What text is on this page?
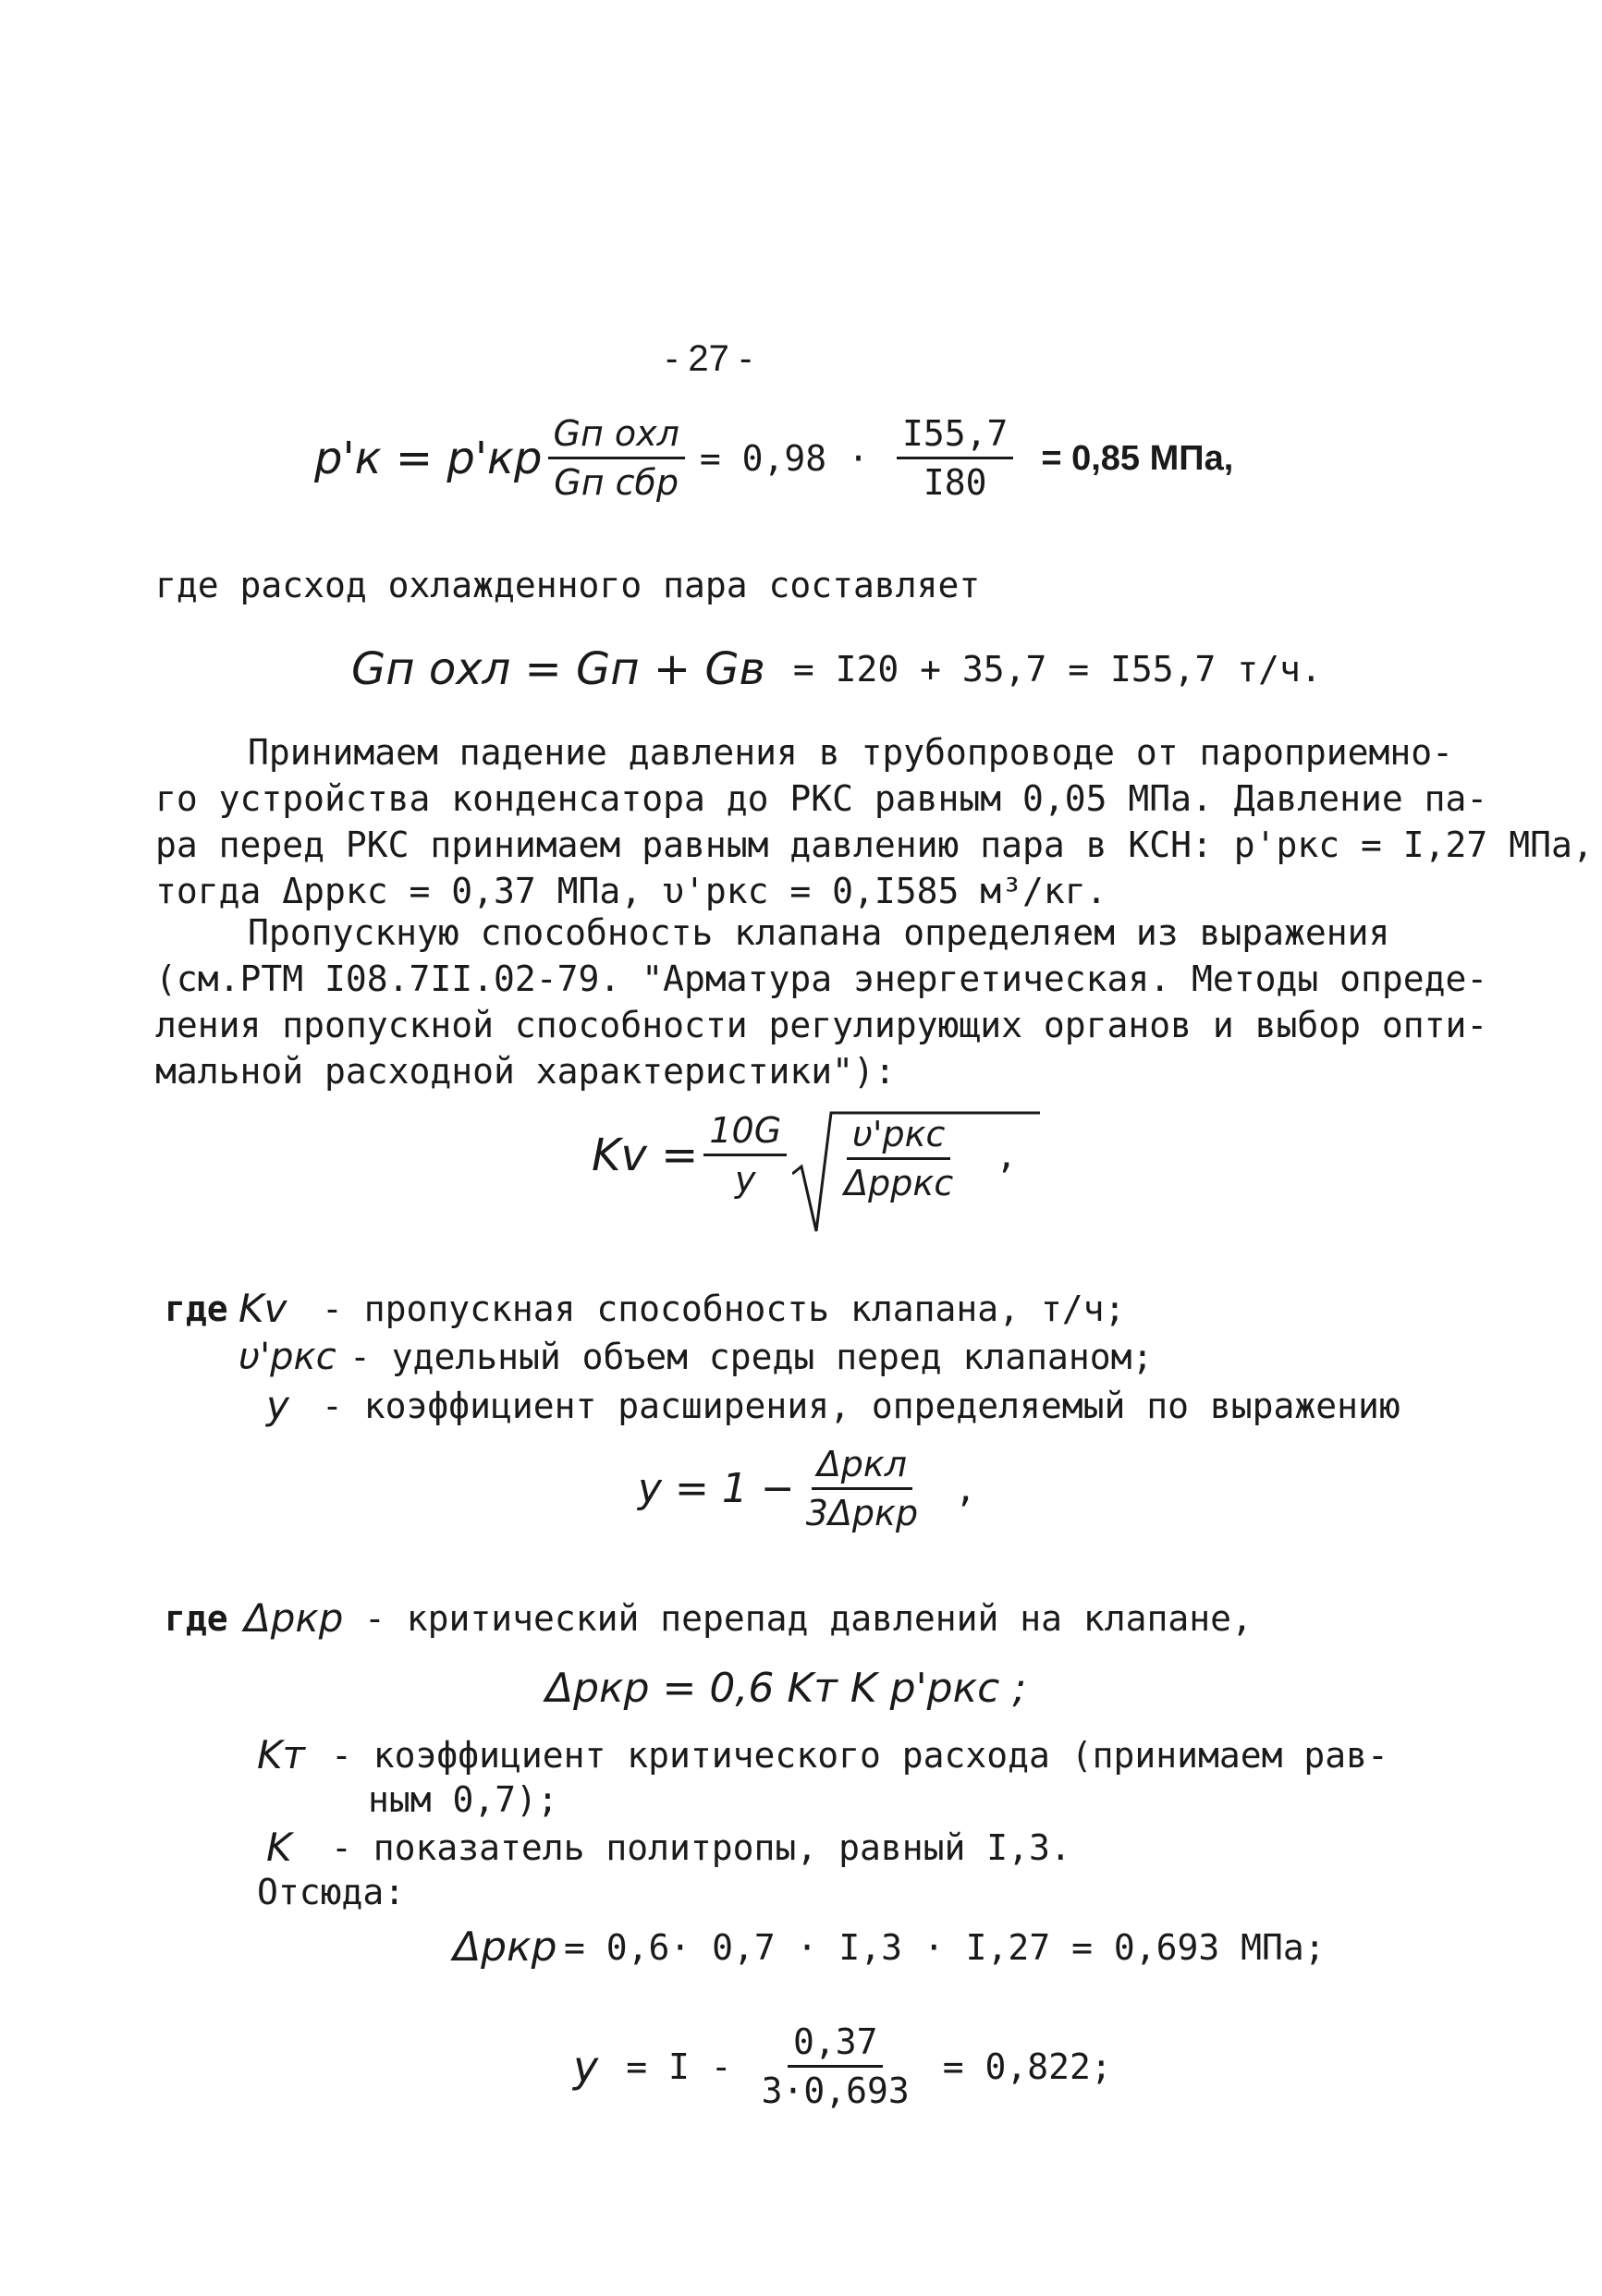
- 27 -
$p'к = p'кр \frac{\text{Gп охл}}{\text{Gп сбр}} = 0,98 \cdot \frac{I55,7}{I80} = 0,85$ МПа,
где расход охлажденного пара составляет
Gп охл = Gп + Gв = I20 + 35,7 = I55,7 т/ч.
Принимаем падение давления в трубопроводе от пароприемно-
го устройства конденсатора до РКС равным 0,05 МПа. Давление па-
ра перед РКС принимаем равным давлению пара в КСН: p'ркс = I,27 МПа,
тогда Δpркс = 0,37 МПа, υ'ркс = 0,I585 м³/кг.
Пропускную способность клапана определяем из выражения
(см.РТМ I08.7II.02-79. "Арматура энергетическая. Методы опреде-
ления пропускной способности регулирующих органов и выбор опти-
мальной расходной характеристики"):
$Kv = \frac{10G}{y} \frac{\text{υ'ркс}}{\text{Δpркс}}$ ,
где Kv - пропускная способность клапана, т/ч;
υ'ркс - удельный объем среды перед клапаном;
y - коэффициент расширения, определяемый по выражению
$y = 1 - \frac{\text{Δpкл}}{\text{3Δpкр}}$ ,
где Δpкр - критический перепад давлений на клапане,
Δpкр = 0,6 Kт K p'ркс ;
Kт - коэффициент критического расхода (принимаем рав-
ным 0,7);
K	- показатель политропы, равный I,3.
Отсюда:
Δpкр = 0,6· 0,7 · I,3 · I,27 = 0,693 МПа;
$y = I - \frac{0,37}{3\cdot 0,693} = 0,822$;
